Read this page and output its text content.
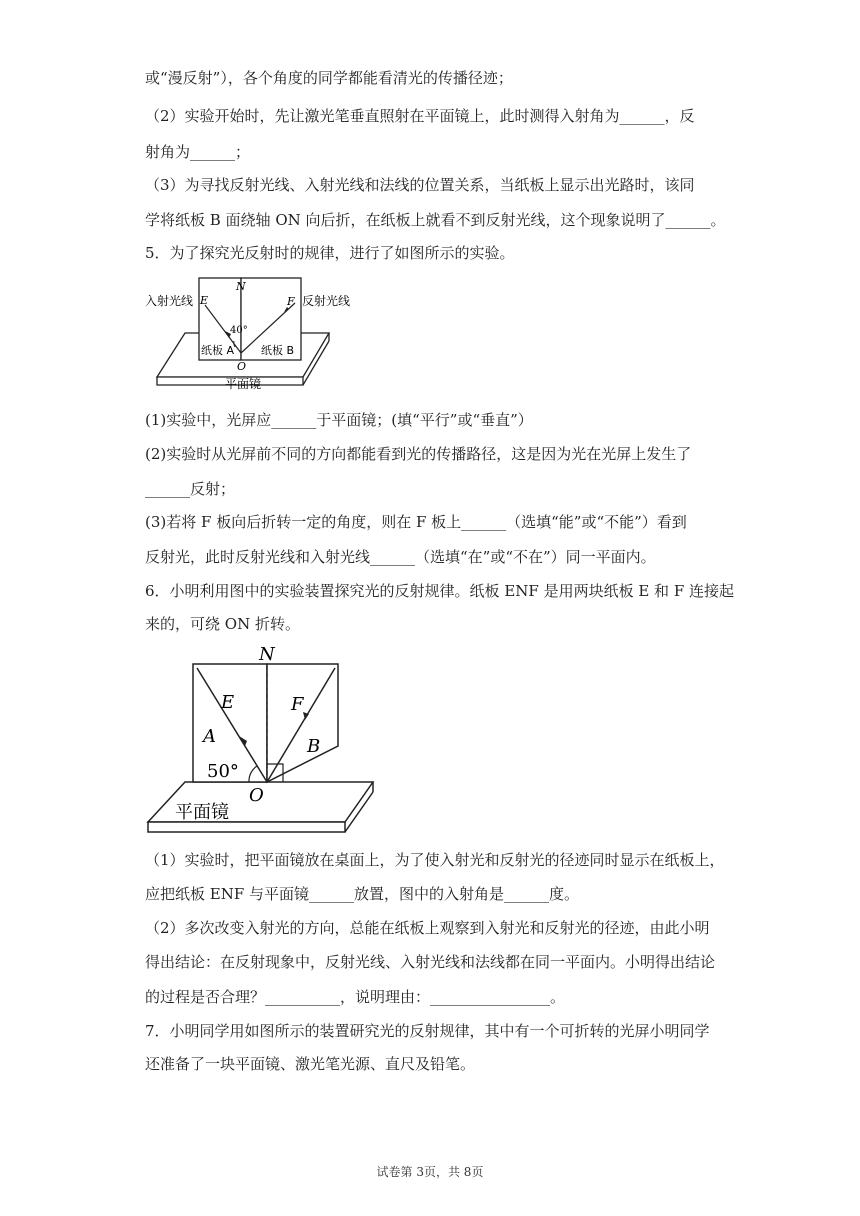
或“漫反射”），各个角度的同学都能看清光的传播径迹；
（2）实验开始时，先让激光笔垂直照射在平面镜上，此时测得入射角为______，反
射角为______；
（3）为寻找反射光线、入射光线和法线的位置关系，当纸板上显示出光路时，该同
学将纸板 B 面绕轴 ON 向后折，在纸板上就看不到反射光线，这个现象说明了______。
5．为了探究光反射时的规律，进行了如图所示的实验。
入射光线 E
N
F 反射光线
40°
纸板 A 纸板 B
O
平面镜
(1)实验中，光屏应______于平面镜；(填“平行”或“垂直”）
(2)实验时从光屏前不同的方向都能看到光的传播路径，这是因为光在光屏上发生了
______反射；
(3)若将 F 板向后折转一定的角度，则在 F 板上______（选填“能”或“不能”）看到
反射光，此时反射光线和入射光线______（选填“在”或“不在”）同一平面内。
6．小明利用图中的实验装置探究光的反射规律。纸板 ENF 是用两块纸板 E 和 F 连接起
来的，可绕 ON 折转。
N
E	F
A	B
50°
O
平面镜
（1）实验时，把平面镜放在桌面上，为了使入射光和反射光的径迹同时显示在纸板上，
应把纸板 ENF 与平面镜______放置，图中的入射角是______度。
（2）多次改变入射光的方向，总能在纸板上观察到入射光和反射光的径迹，由此小明
得出结论：在反射现象中，反射光线、入射光线和法线都在同一平面内。小明得出结论
的过程是否合理？__________，说明理由：________________。
7．小明同学用如图所示的装置研究光的反射规律，其中有一个可折转的光屏小明同学
还准备了一块平面镜、激光笔光源、直尺及铅笔。
试卷第 3页，共 8页
